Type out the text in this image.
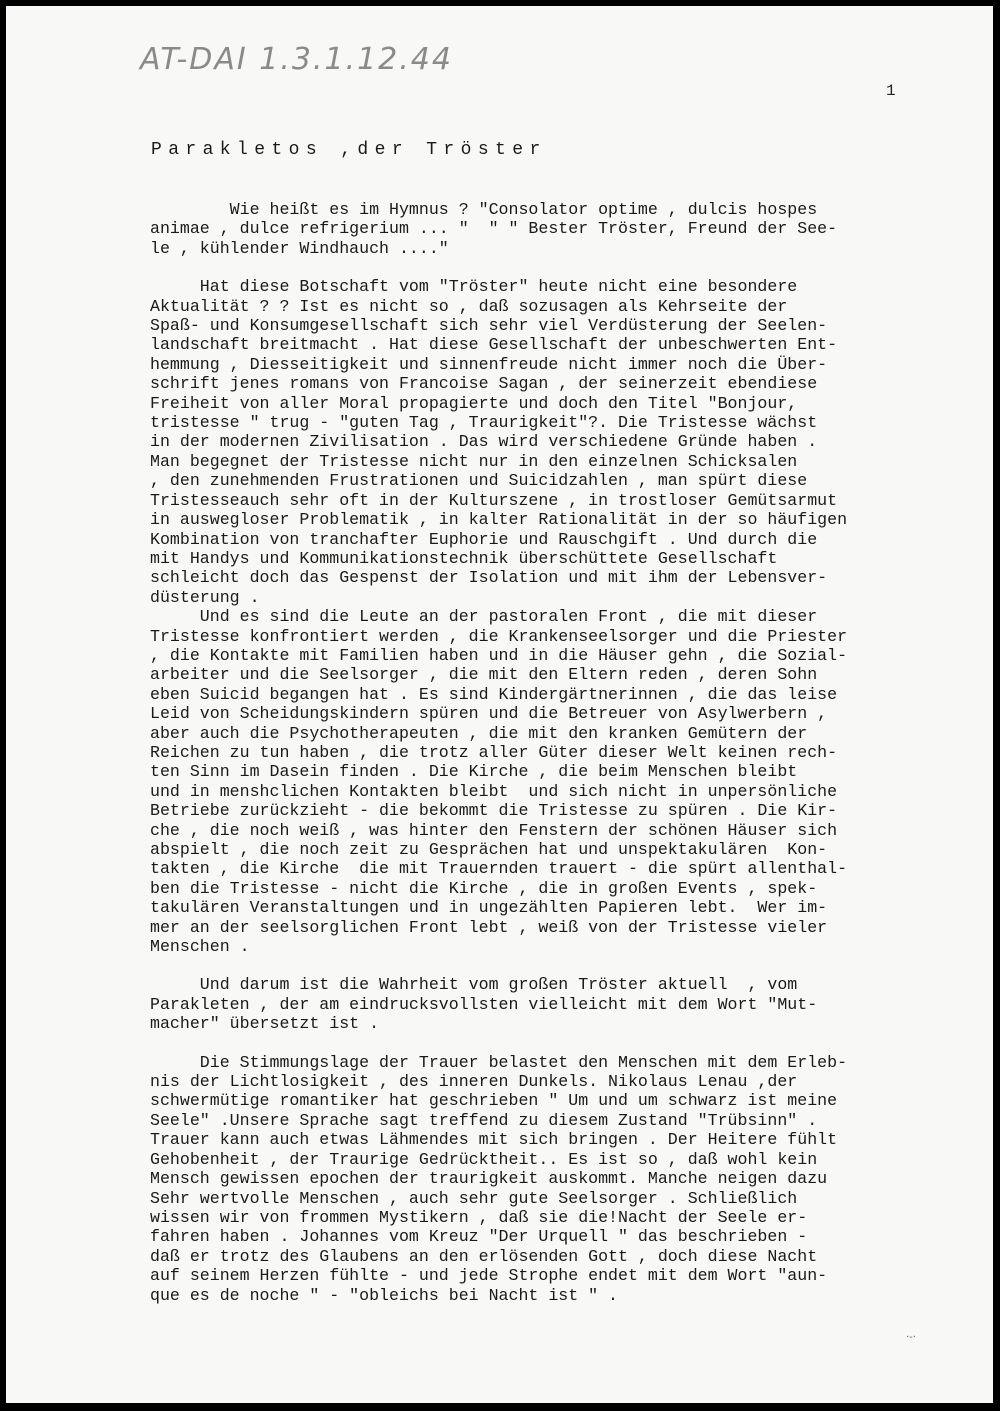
AT-DAI 1.3.1.12.44
1
Parakletos ,der Tröster
Wie heißt es im Hymnus ? "Consolator optime , dulcis hospes
animae , dulce refrigerium ... "  " " Bester Tröster, Freund der See-
le , kühlender Windhauch ...."
Hat diese Botschaft vom "Tröster" heute nicht eine besondere
Aktualität ? ? Ist es nicht so , daß sozusagen als Kehrseite der
Spaß- und Konsumgesellschaft sich sehr viel Verdüsterung der Seelen-
landschaft breitmacht . Hat diese Gesellschaft der unbeschwerten Ent-
hemmung , Diesseitigkeit und sinnenfreude nicht immer noch die Über-
schrift jenes romans von Francoise Sagan , der seinerzeit ebendiese
Freiheit von aller Moral propagierte und doch den Titel "Bonjour,
tristesse " trug - "guten Tag , Traurigkeit"?. Die Tristesse wächst
in der modernen Zivilisation . Das wird verschiedene Gründe haben .
Man begegnet der Tristesse nicht nur in den einzelnen Schicksalen
, den zunehmenden Frustrationen und Suicidzahlen , man spürt diese
Tristesseauch sehr oft in der Kulturszene , in trostloser Gemütsarmut
in auswegloser Problematik , in kalter Rationalität in der so häufigen
Kombination von tranchafter Euphorie und Rauschgift . Und durch die
mit Handys und Kommunikationstechnik überschüttete Gesellschaft
schleicht doch das Gespenst der Isolation und mit ihm der Lebensver-
düsterung .
Und es sind die Leute an der pastoralen Front , die mit dieser
Tristesse konfrontiert werden , die Krankenseelsorger und die Priester
, die Kontakte mit Familien haben und in die Häuser gehn , die Sozial-
arbeiter und die Seelsorger , die mit den Eltern reden , deren Sohn
eben Suicid begangen hat . Es sind Kindergärtnerinnen , die das leise
Leid von Scheidungskindern spüren und die Betreuer von Asylwerbern ,
aber auch die Psychotherapeuten , die mit den kranken Gemütern der
Reichen zu tun haben , die trotz aller Güter dieser Welt keinen rech-
ten Sinn im Dasein finden . Die Kirche , die beim Menschen bleibt
und in menshclichen Kontakten bleibt  und sich nicht in unpersönliche
Betriebe zurückzieht - die bekommt die Tristesse zu spüren . Die Kir-
che , die noch weiß , was hinter den Fenstern der schönen Häuser sich
abspielt , die noch zeit zu Gesprächen hat und unspektakulären  Kon-
takten , die Kirche  die mit Trauernden trauert - die spürt allenthal-
ben die Tristesse - nicht die Kirche , die in großen Events , spek-
takulären Veranstaltungen und in ungezählten Papieren lebt.  Wer im-
mer an der seelsorglichen Front lebt , weiß von der Tristesse vieler
Menschen .
Und darum ist die Wahrheit vom großen Tröster aktuell  , vom
Parakleten , der am eindrucksvollsten vielleicht mit dem Wort "Mut-
macher" übersetzt ist .
Die Stimmungslage der Trauer belastet den Menschen mit dem Erleb-
nis der Lichtlosigkeit , des inneren Dunkels. Nikolaus Lenau ,der
schwermütige romantiker hat geschrieben " Um und um schwarz ist meine
Seele" .Unsere Sprache sagt treffend zu diesem Zustand "Trübsinn" .
Trauer kann auch etwas Lähmendes mit sich bringen . Der Heitere fühlt
Gehobenheit , der Traurige Gedrücktheit.. Es ist so , daß wohl kein
Mensch gewissen epochen der traurigkeit auskommt. Manche neigen dazu
Sehr wertvolle Menschen , auch sehr gute Seelsorger . Schließlich
wissen wir von frommen Mystikern , daß sie die!Nacht der Seele er-
fahren haben . Johannes vom Kreuz "Der Urquell " das beschrieben -
daß er trotz des Glaubens an den erlösenden Gott , doch diese Nacht
auf seinem Herzen fühlte - und jede Strophe endet mit dem Wort "aun-
que es de noche " - "obleichs bei Nacht ist " .
·-·
